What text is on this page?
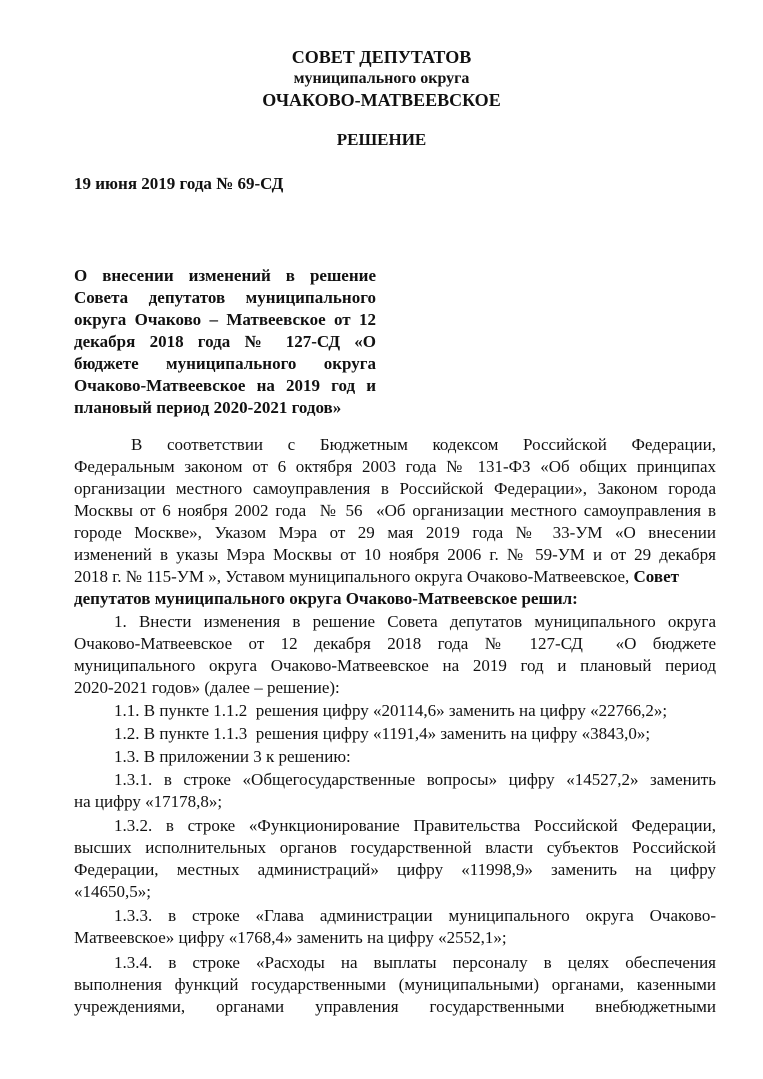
СОВЕТ ДЕПУТАТОВ
муниципального округа
ОЧАКОВО-МАТВЕЕВСКОЕ
РЕШЕНИЕ
19 июня 2019 года № 69-СД
О внесении изменений в решение
Совета депутатов муниципального
округа Очаково – Матвеевское от 12
декабря 2018 года № 127-СД «О
бюджете муниципального округа
Очаково-Матвеевское на 2019 год и
плановый период 2020-2021 годов»
В соответствии с Бюджетным кодексом Российской Федерации,
Федеральным законом от 6 октября 2003 года № 131-ФЗ «Об общих принципах
организации местного самоуправления в Российской Федерации», Законом города
Москвы от 6 ноября 2002 года  № 56  «Об организации местного самоуправления в
городе Москве», Указом Мэра от 29 мая 2019 года № 33-УМ «О внесении
изменений в указы Мэра Москвы от 10 ноября 2006 г. № 59-УМ и от 29 декабря
2018 г. № 115-УМ », Уставом муниципального округа Очаково-Матвеевское, Совет
депутатов муниципального округа Очаково-Матвеевское решил:
1. Внести изменения в решение Совета депутатов муниципального округа
Очаково-Матвеевское от 12 декабря 2018 года № 127-СД  «О бюджете
муниципального округа Очаково-Матвеевское на 2019 год и плановый период
2020-2021 годов» (далее – решение):
1.1. В пункте 1.1.2  решения цифру «20114,6» заменить на цифру «22766,2»;
1.2. В пункте 1.1.3  решения цифру «1191,4» заменить на цифру «3843,0»;
1.3. В приложении 3 к решению:
1.3.1. в строке «Общегосударственные вопросы» цифру «14527,2» заменить
на цифру «17178,8»;
1.3.2. в строке «Функционирование Правительства Российской Федерации,
высших исполнительных органов государственной власти субъектов Российской
Федерации, местных администраций» цифру «11998,9» заменить на цифру
«14650,5»;
1.3.3. в строке «Глава администрации муниципального округа Очаково-
Матвеевское» цифру «1768,4» заменить на цифру «2552,1»;
1.3.4. в строке «Расходы на выплаты персоналу в целях обеспечения
выполнения функций государственными (муниципальными) органами, казенными
учреждениями, органами управления государственными внебюджетными
